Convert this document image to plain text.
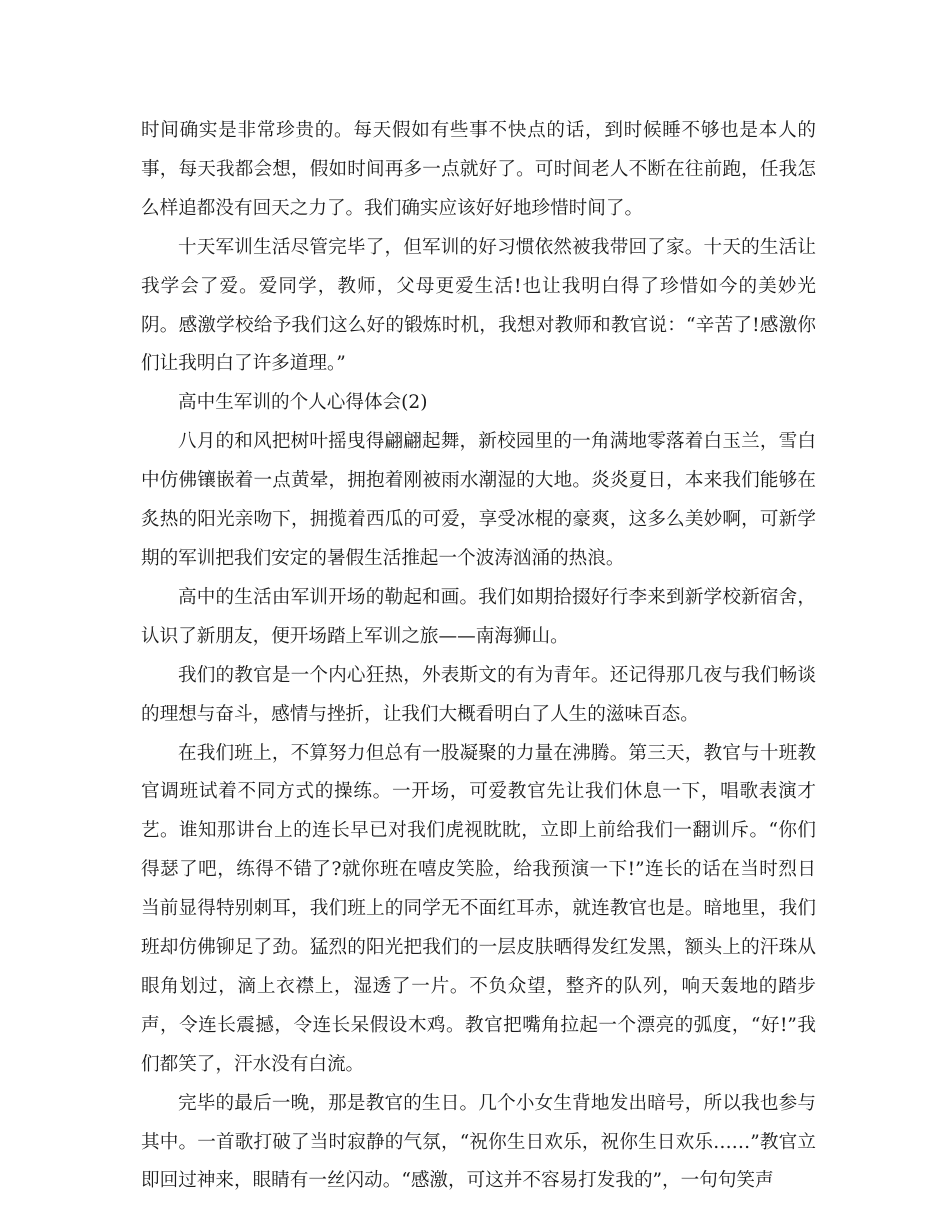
时间确实是非常珍贵的。每天假如有些事不快点的话，到时候睡不够也是本人的事，每天我都会想，假如时间再多一点就好了。可时间老人不断在往前跑，任我怎么样追都没有回天之力了。我们确实应该好好地珍惜时间了。

十天军训生活尽管完毕了，但军训的好习惯依然被我带回了家。十天的生活让我学会了爱。爱同学，教师，父母更爱生活!也让我明白得了珍惜如今的美妙光阴。感激学校给予我们这么好的锻炼时机，我想对教师和教官说：“辛苦了!感激你们让我明白了许多道理。”

高中生军训的个人心得体会(2)

八月的和风把树叶摇曳得翩翩起舞，新校园里的一角满地零落着白玉兰，雪白中仿佛镶嵌着一点黄晕，拥抱着刚被雨水潮湿的大地。炎炎夏日，本来我们能够在炙热的阳光亲吻下，拥揽着西瓜的可爱，享受冰棍的豪爽，这多么美妙啊，可新学期的军训把我们安定的暑假生活推起一个波涛汹涌的热浪。

高中的生活由军训开场的勒起和画。我们如期拾掇好行李来到新学校新宿舍，认识了新朋友，便开场踏上军训之旅——南海狮山。

我们的教官是一个内心狂热，外表斯文的有为青年。还记得那几夜与我们畅谈的理想与奋斗，感情与挫折，让我们大概看明白了人生的滋味百态。

在我们班上，不算努力但总有一股凝聚的力量在沸腾。第三天，教官与十班教官调班试着不同方式的操练。一开场，可爱教官先让我们休息一下，唱歌表演才艺。谁知那讲台上的连长早已对我们虎视眈眈，立即上前给我们一翻训斥。“你们得瑟了吧，练得不错了?就你班在嘻皮笑脸，给我预演一下!”连长的话在当时烈日当前显得特别刺耳，我们班上的同学无不面红耳赤，就连教官也是。暗地里，我们班却仿佛铆足了劲。猛烈的阳光把我们的一层皮肤晒得发红发黑，额头上的汗珠从眼角划过，滴上衣襟上，湿透了一片。不负众望，整齐的队列，响天轰地的踏步声，令连长震撼，令连长呆假设木鸡。教官把嘴角拉起一个漂亮的弧度，“好!”我们都笑了，汗水没有白流。

完毕的最后一晚，那是教官的生日。几个小女生背地发出暗号，所以我也参与其中。一首歌打破了当时寂静的气氛，“祝你生日欢乐，祝你生日欢乐……”教官立即回过神来，眼睛有一丝闪动。“感激，可这并不容易打发我的”，一句句笑声
